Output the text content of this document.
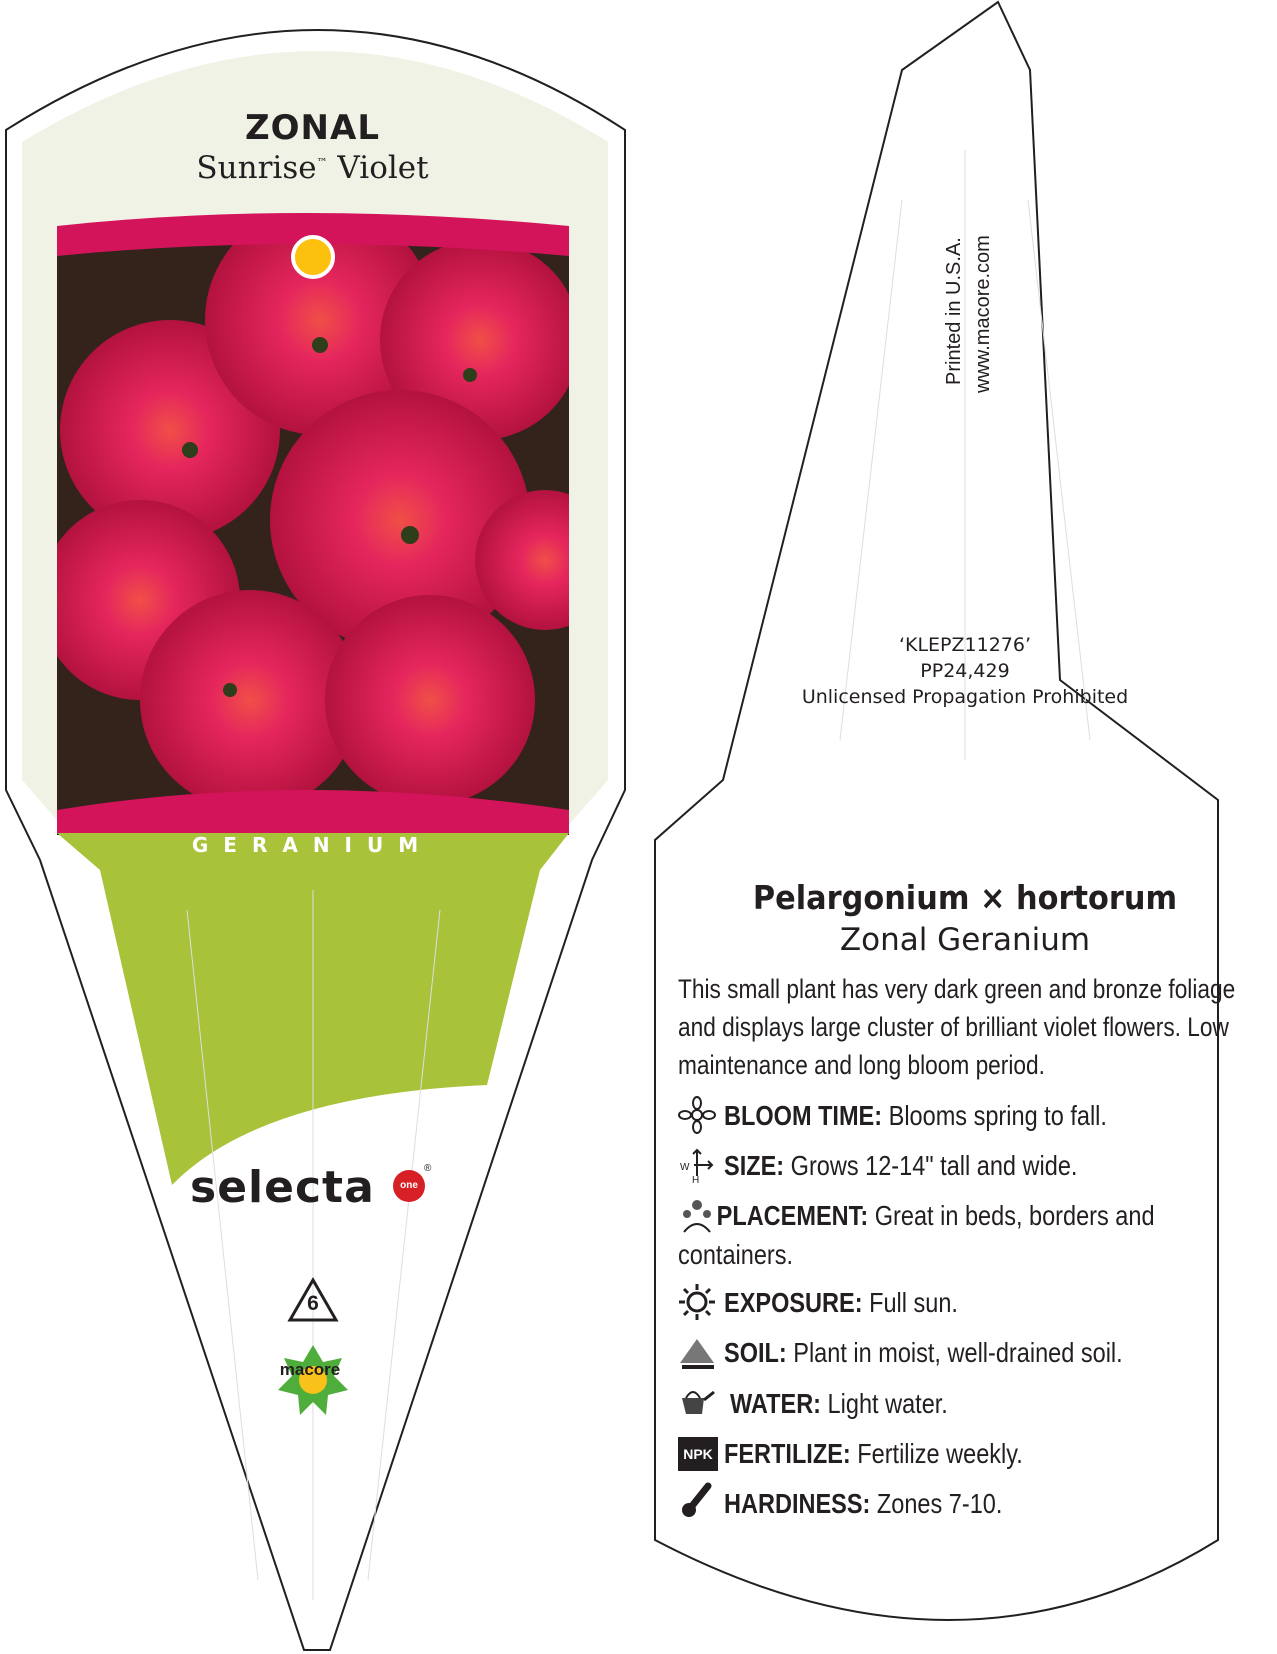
ZONAL
Sunrise™ Violet
GERANIUM
selecta	one
®
6
macore
Printed in U.S.A. www.macore.com
‘KLEPZ11276’
PP24,429
Unlicensed Propagation Prohibited
Pelargonium × hortorum
Zonal Geranium
This small plant has very dark green and bronze foliage and displays large cluster of brilliant violet flowers. Low maintenance and long bloom period.
W
H
NPK
BLOOM TIME: Blooms spring to fall.
SIZE: Grows 12-14" tall and wide.
PLACEMENT: Great in beds, borders and containers.
EXPOSURE: Full sun.
SOIL: Plant in moist, well-drained soil.
WATER: Light water.
FERTILIZE: Fertilize weekly.
HARDINESS: Zones 7-10.
